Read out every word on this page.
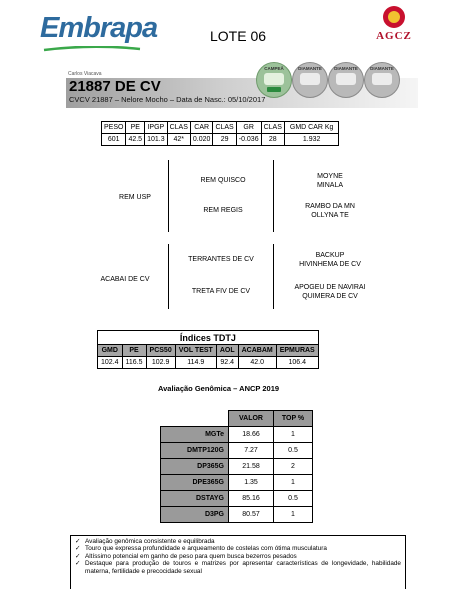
Embrapa	LOTE 06	AGCZ
Carlos Viacava
21887 DE CV
CVCV 21887 – Nelore Mocho – Data de Nasc.: 05/10/2017
CAMPEÃ	DIAMANTE	DIAMANTE	DIAMANTE
PESO	PE	IPGP	CLAS	CAR	CLAS	GR	CLAS	GMD CAR Kg
601	42.5	101.3	42*	0.020	29	-0.036	28	1.932
REM USP
REM QUISCO
REM REGIS
MOYNE
MINALA
RAMBO DA MN
OLLYNA TE
ACABAI DE CV
TERRANTES DE CV
TRETA FIV DE CV
BACKUP
HIVINHEMA DE CV
APOGEU DE NAVIRAI
QUIMERA DE CV
Índices TDTJ						
GMD	PE	PCS50	VOL TEST	AOL	ACABAM	EPMURAS
102.4	116.5	102.9	114.9	92.4	42.0	106.4
Avaliação Genômica – ANCP 2019
	VALOR	TOP %
MGTe	18.66	1
DMTP120G	7.27	0.5
DP365G	21.58	2
DPE365G	1.35	1
DSTAYG	85.16	0.5
D3PG	80.57	1
✓ Avaliação genômica consistente e equilibrada
✓ Touro que expressa profundidade e arqueamento de costelas com ótima musculatura
✓ Altíssimo potencial em ganho de peso para quem busca bezerros pesados
✓ Destaque para produção de touros e matrizes por apresentar características de longevidade, habilidade materna, fertilidade e precocidade sexual
